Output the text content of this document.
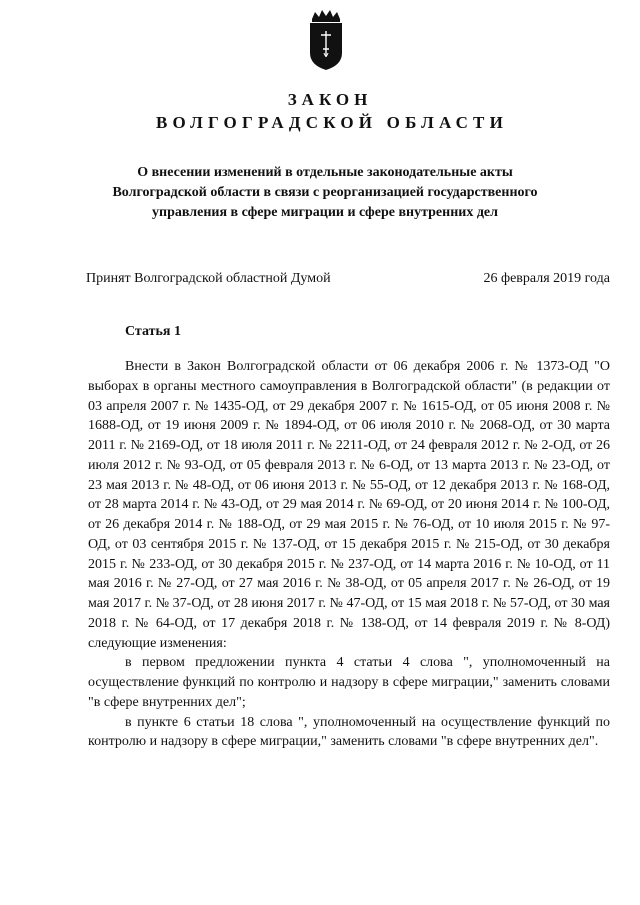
ЗАКОН
ВОЛГОГРАДСКОЙ ОБЛАСТИ
О внесении изменений в отдельные законодательные акты Волгоградской области в связи с реорганизацией государственного управления в сфере миграции и сфере внутренних дел
Принят Волгоградской областной Думой	26 февраля 2019 года
Статья 1

Внести в Закон Волгоградской области от 06 декабря 2006 г. № 1373-ОД "О выборах в органы местного самоуправления в Волгоградской области" (в редакции от 03 апреля 2007 г. № 1435-ОД, от 29 декабря 2007 г. № 1615-ОД, от 05 июня 2008 г. № 1688-ОД, от 19 июня 2009 г. № 1894-ОД, от 06 июля 2010 г. № 2068-ОД, от 30 марта 2011 г. № 2169-ОД, от 18 июля 2011 г. № 2211-ОД, от 24 февраля 2012 г. № 2-ОД, от 26 июля 2012 г. № 93-ОД, от 05 февраля 2013 г. № 6-ОД, от 13 марта 2013 г. № 23-ОД, от 23 мая 2013 г. № 48-ОД, от 06 июня 2013 г. № 55-ОД, от 12 декабря 2013 г. № 168-ОД, от 28 марта 2014 г. № 43-ОД, от 29 мая 2014 г. № 69-ОД, от 20 июня 2014 г. № 100-ОД, от 26 декабря 2014 г. № 188-ОД, от 29 мая 2015 г. № 76-ОД, от 10 июля 2015 г. № 97-ОД, от 03 сентября 2015 г. № 137-ОД, от 15 декабря 2015 г. № 215-ОД, от 30 декабря 2015 г. № 233-ОД, от 30 декабря 2015 г. № 237-ОД, от 14 марта 2016 г. № 10-ОД, от 11 мая 2016 г. № 27-ОД, от 27 мая 2016 г. № 38-ОД, от 05 апреля 2017 г. № 26-ОД, от 19 мая 2017 г. № 37-ОД, от 28 июня 2017 г. № 47-ОД, от 15 мая 2018 г. № 57-ОД, от 30 мая 2018 г. № 64-ОД, от 17 декабря 2018 г. № 138-ОД, от 14 февраля 2019 г. № 8-ОД) следующие изменения:

в первом предложении пункта 4 статьи 4 слова ", уполномоченный на осуществление функций по контролю и надзору в сфере миграции," заменить словами "в сфере внутренних дел";

в пункте 6 статьи 18 слова ", уполномоченный на осуществление функций по контролю и надзору в сфере миграции," заменить словами "в сфере внутренних дел".
